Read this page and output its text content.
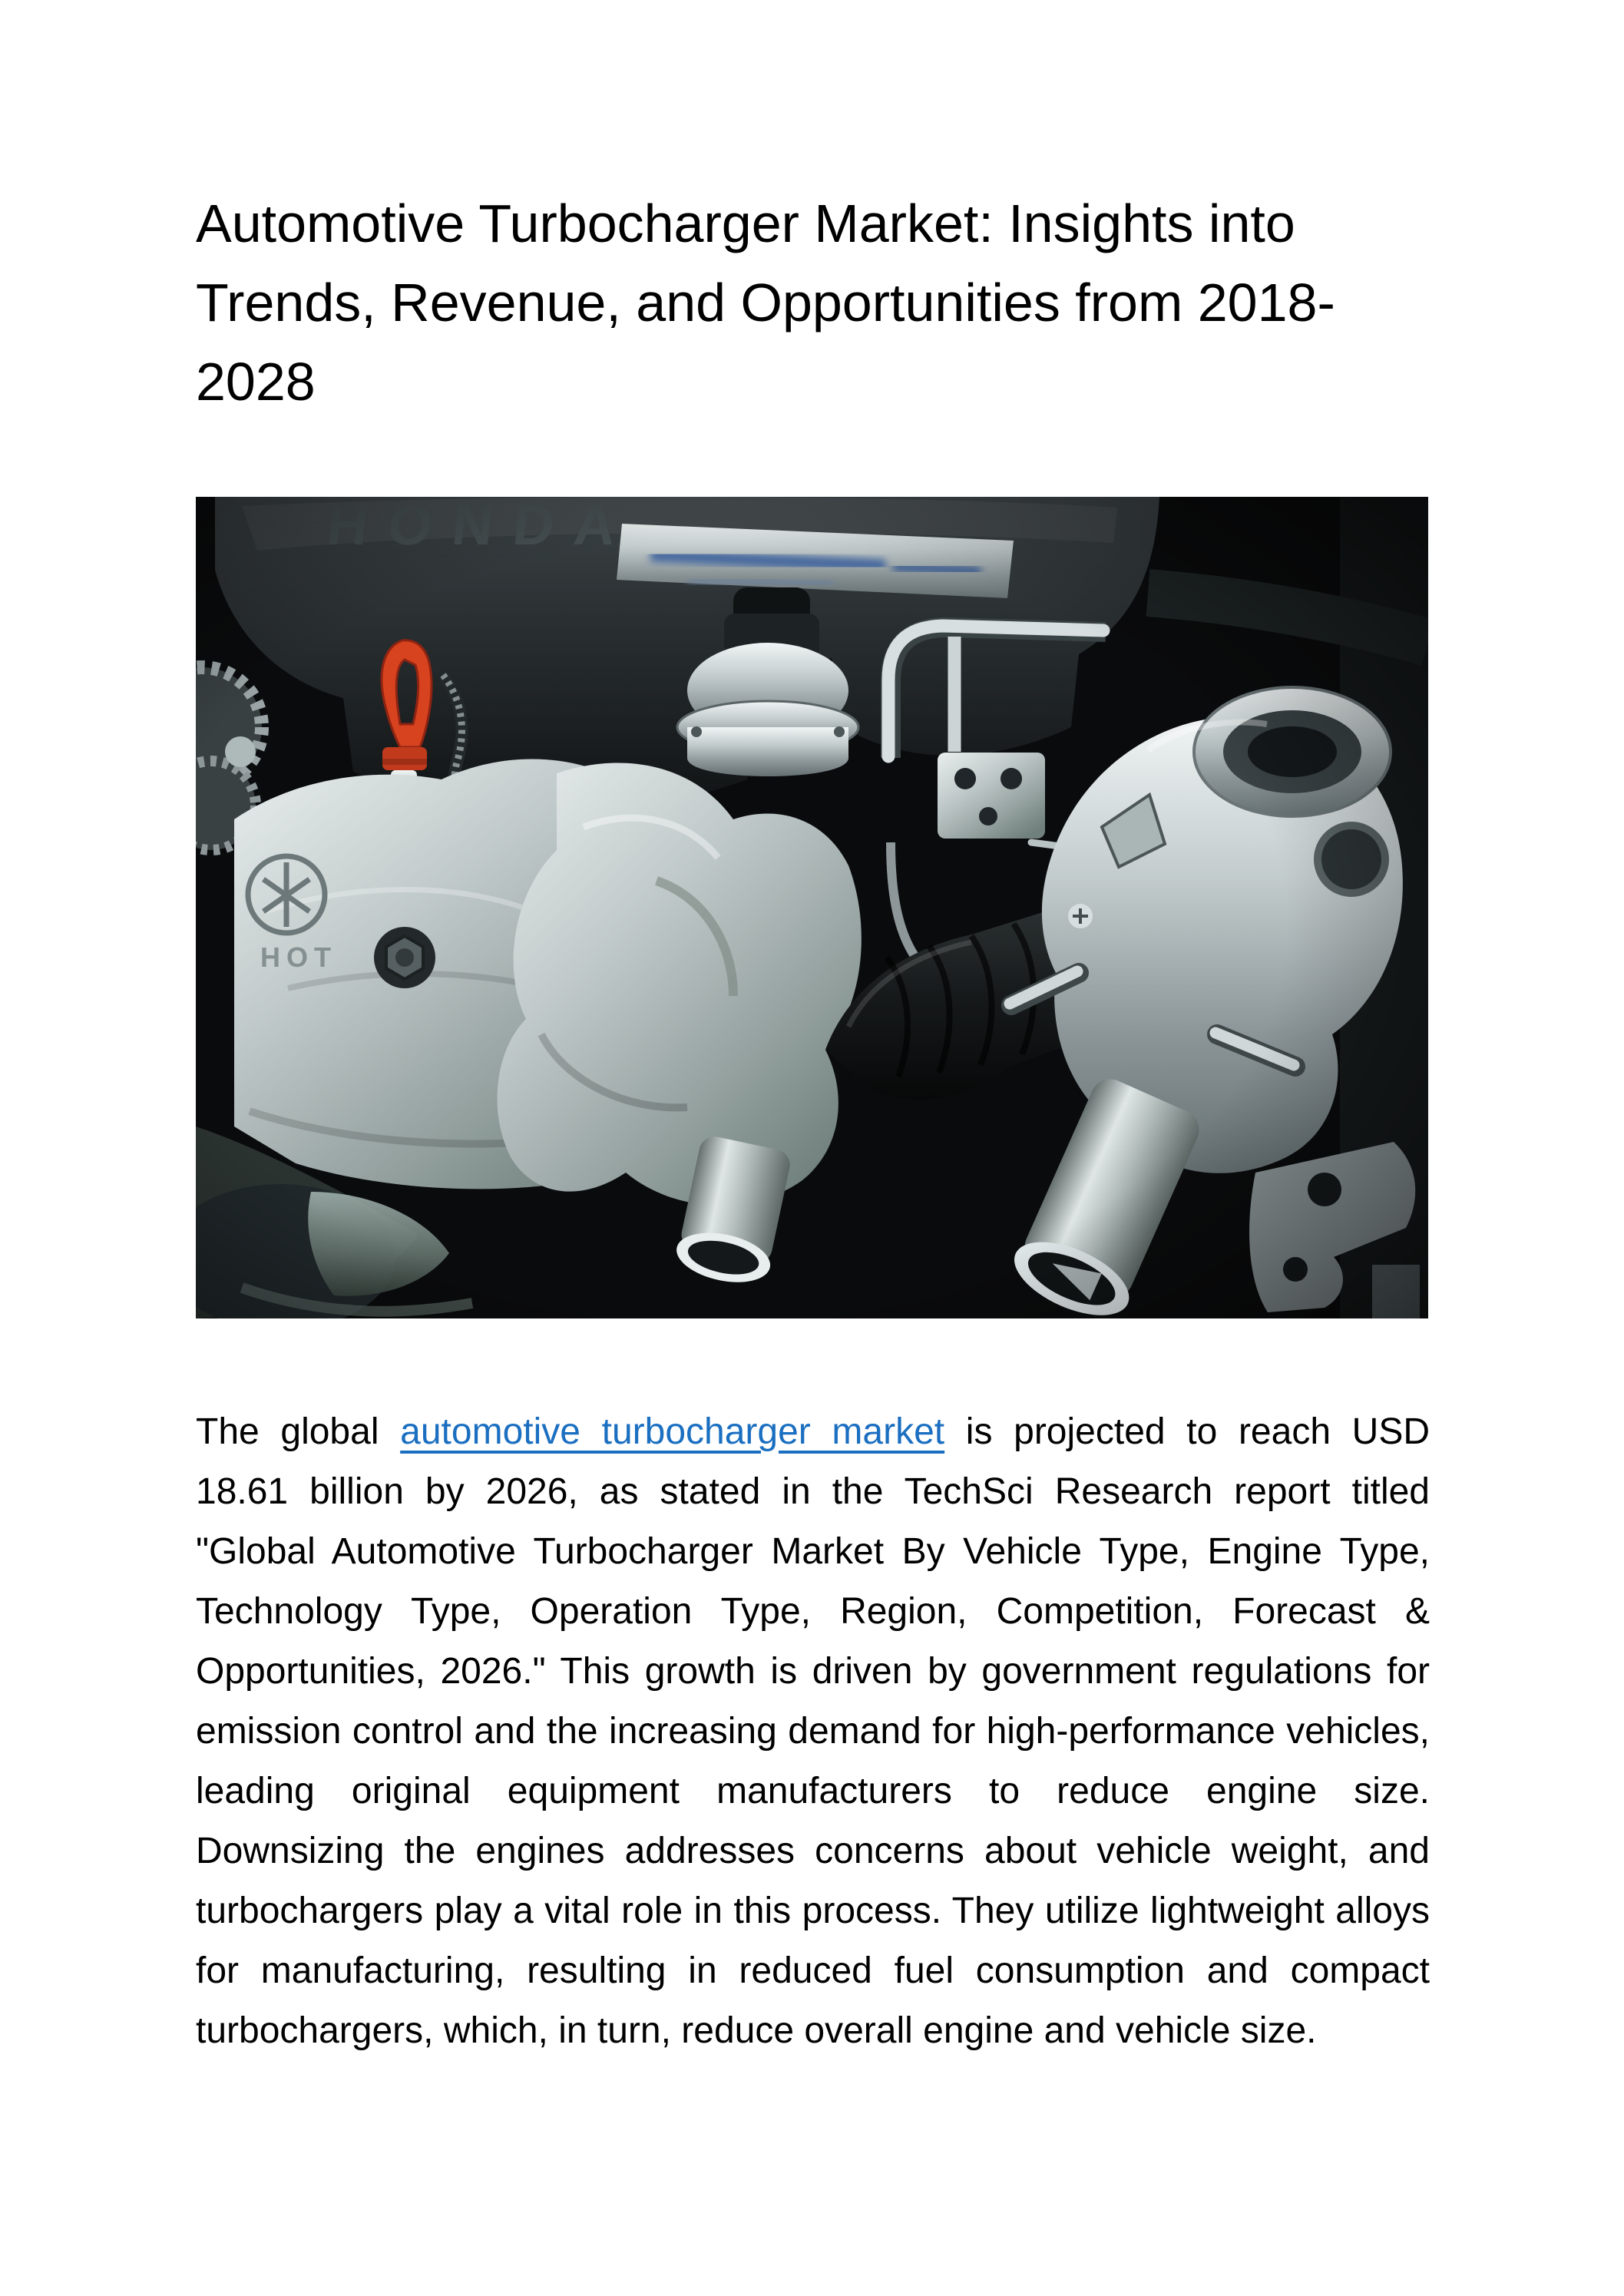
Automotive Turbocharger Market: Insights into
Trends, Revenue, and Opportunities from 2018-
2028

The global automotive turbocharger market is projected to reach USD 18.61 billion by 2026, as stated in the TechSci Research report titled "Global Automotive Turbocharger Market By Vehicle Type, Engine Type, Technology Type, Operation Type, Region, Competition, Forecast & Opportunities, 2026." This growth is driven by government regulations for emission control and the increasing demand for high-performance vehicles, leading original equipment manufacturers to reduce engine size. Downsizing the engines addresses concerns about vehicle weight, and turbochargers play a vital role in this process. They utilize lightweight alloys for manufacturing, resulting in reduced fuel consumption and compact turbochargers, which, in turn, reduce overall engine and vehicle size.
